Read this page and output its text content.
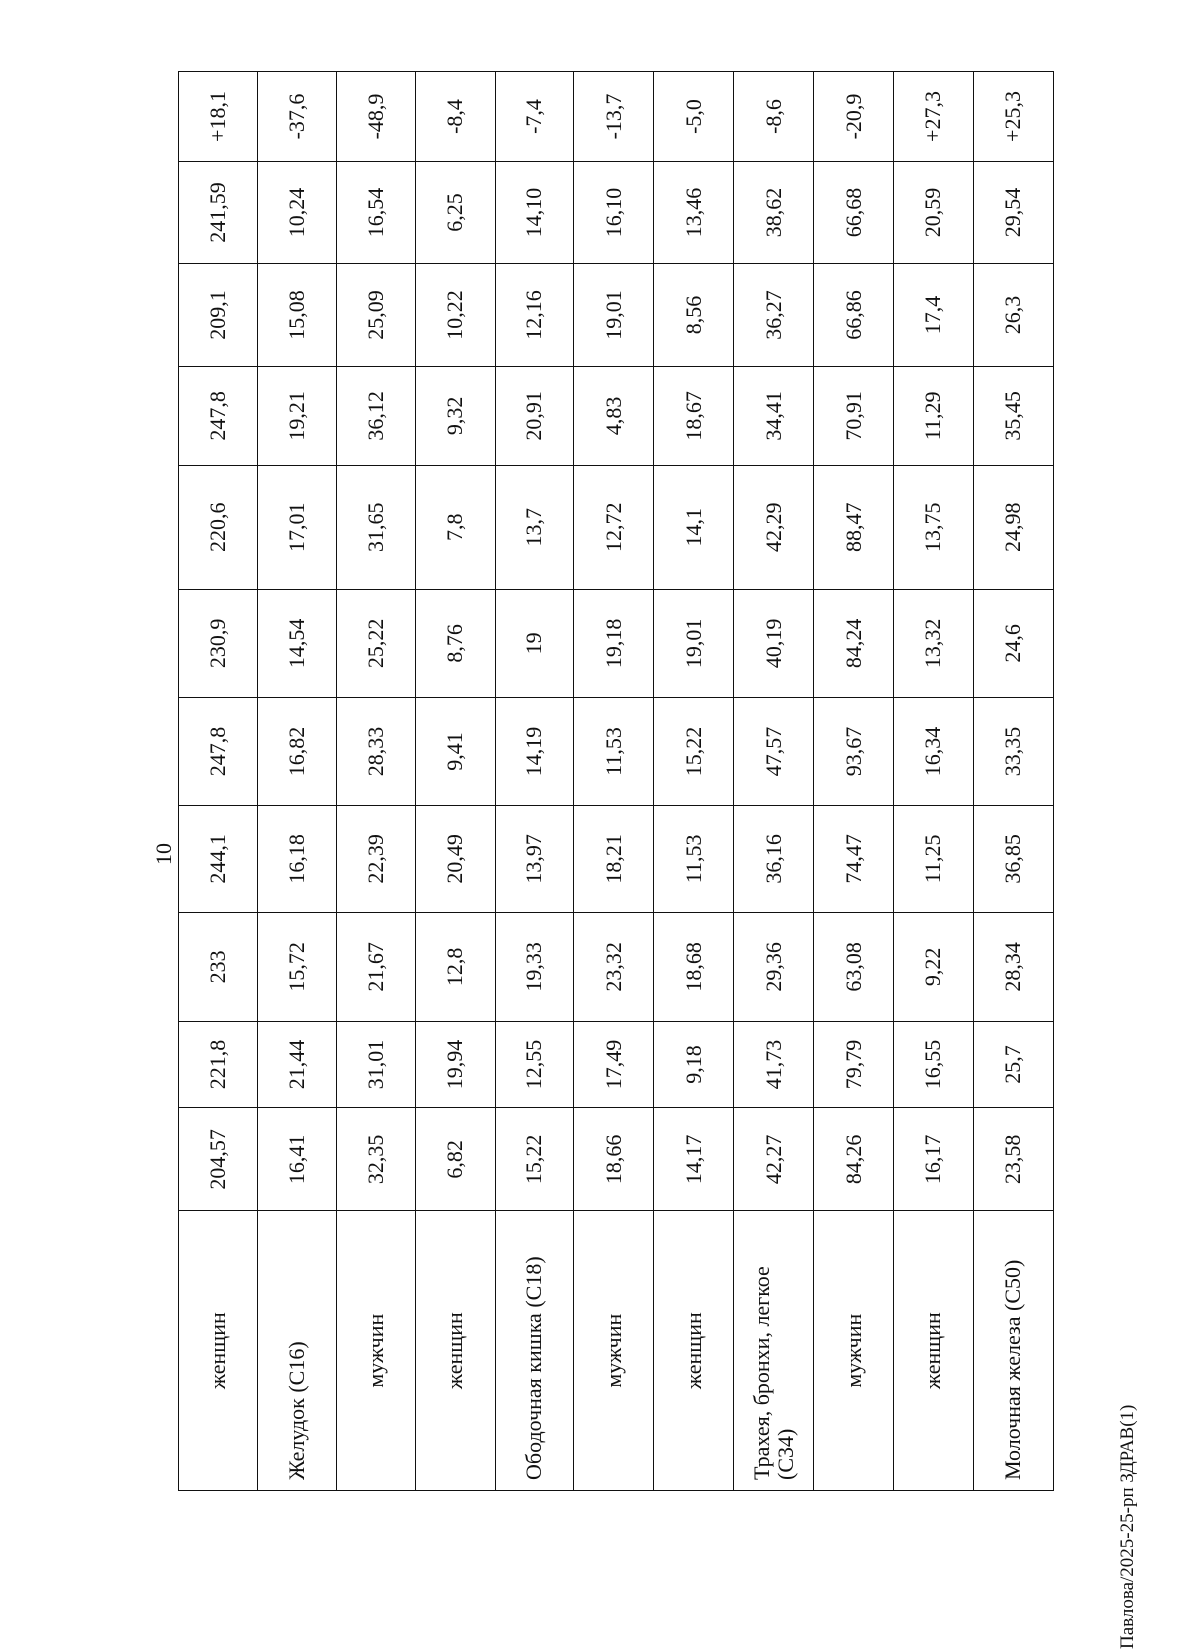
10
женщин	204,57	221,8	233	244,1	247,8	230,9	220,6	247,8	209,1	241,59	+18,1
Желудок (С16)	16,41	21,44	15,72	16,18	16,82	14,54	17,01	19,21	15,08	10,24	-37,6
мужчин	32,35	31,01	21,67	22,39	28,33	25,22	31,65	36,12	25,09	16,54	-48,9
женщин	6,82	19,94	12,8	20,49	9,41	8,76	7,8	9,32	10,22	6,25	-8,4
Ободочная кишка (С18)	15,22	12,55	19,33	13,97	14,19	19	13,7	20,91	12,16	14,10	-7,4
мужчин	18,66	17,49	23,32	18,21	11,53	19,18	12,72	4,83	19,01	16,10	-13,7
женщин	14,17	9,18	18,68	11,53	15,22	19,01	14,1	18,67	8,56	13,46	-5,0
Трахея, бронхи, легкое (С34)	42,27	41,73	29,36	36,16	47,57	40,19	42,29	34,41	36,27	38,62	-8,6
мужчин	84,26	79,79	63,08	74,47	93,67	84,24	88,47	70,91	66,86	66,68	-20,9
женщин	16,17	16,55	9,22	11,25	16,34	13,32	13,75	11,29	17,4	20,59	+27,3
Молочная железа (С50)	23,58	25,7	28,34	36,85	33,35	24,6	24,98	35,45	26,3	29,54	+25,3
Павлова/2025-25-рп ЗДРАВ(1)
